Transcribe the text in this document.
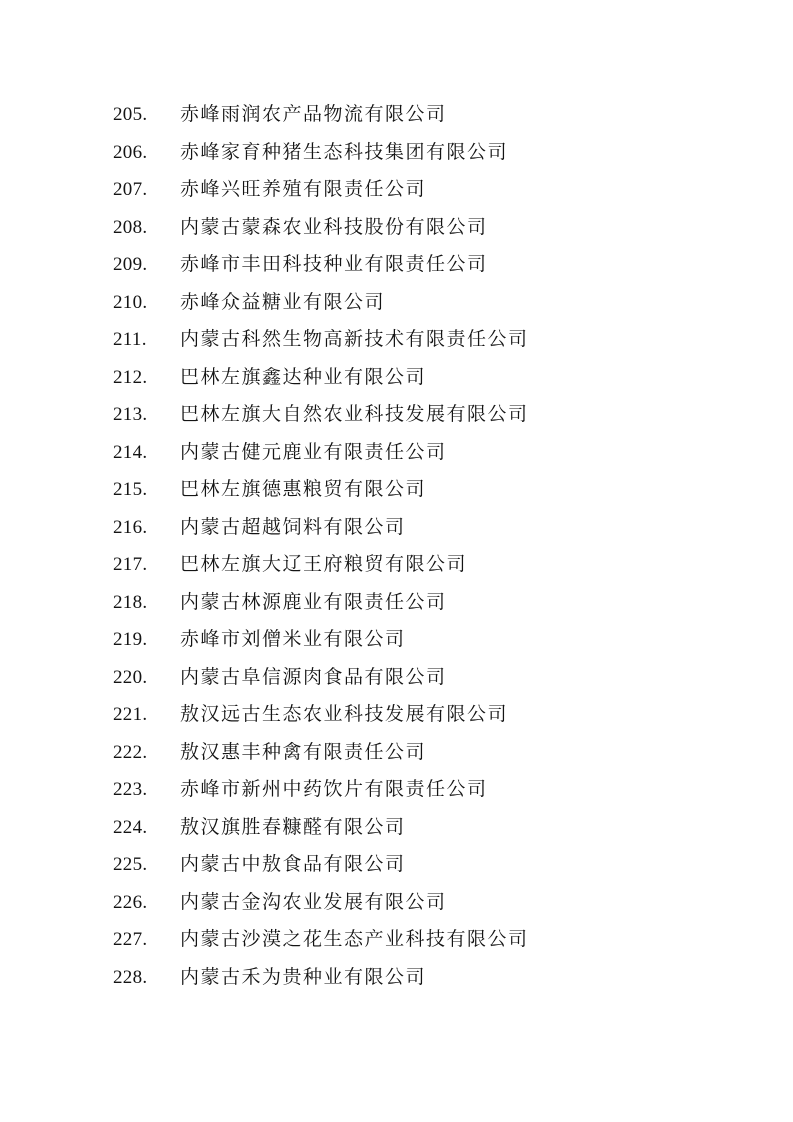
205.	赤峰雨润农产品物流有限公司
206.	赤峰家育种猪生态科技集团有限公司
207.	赤峰兴旺养殖有限责任公司
208.	内蒙古蒙森农业科技股份有限公司
209.	赤峰市丰田科技种业有限责任公司
210.	赤峰众益糖业有限公司
211.	内蒙古科然生物高新技术有限责任公司
212.	巴林左旗鑫达种业有限公司
213.	巴林左旗大自然农业科技发展有限公司
214.	内蒙古健元鹿业有限责任公司
215.	巴林左旗德惠粮贸有限公司
216.	内蒙古超越饲料有限公司
217.	巴林左旗大辽王府粮贸有限公司
218.	内蒙古林源鹿业有限责任公司
219.	赤峰市刘僧米业有限公司
220.	内蒙古阜信源肉食品有限公司
221.	敖汉远古生态农业科技发展有限公司
222.	敖汉惠丰种禽有限责任公司
223.	赤峰市新州中药饮片有限责任公司
224.	敖汉旗胜春糠醛有限公司
225.	内蒙古中敖食品有限公司
226.	内蒙古金沟农业发展有限公司
227.	内蒙古沙漠之花生态产业科技有限公司
228.	内蒙古禾为贵种业有限公司
